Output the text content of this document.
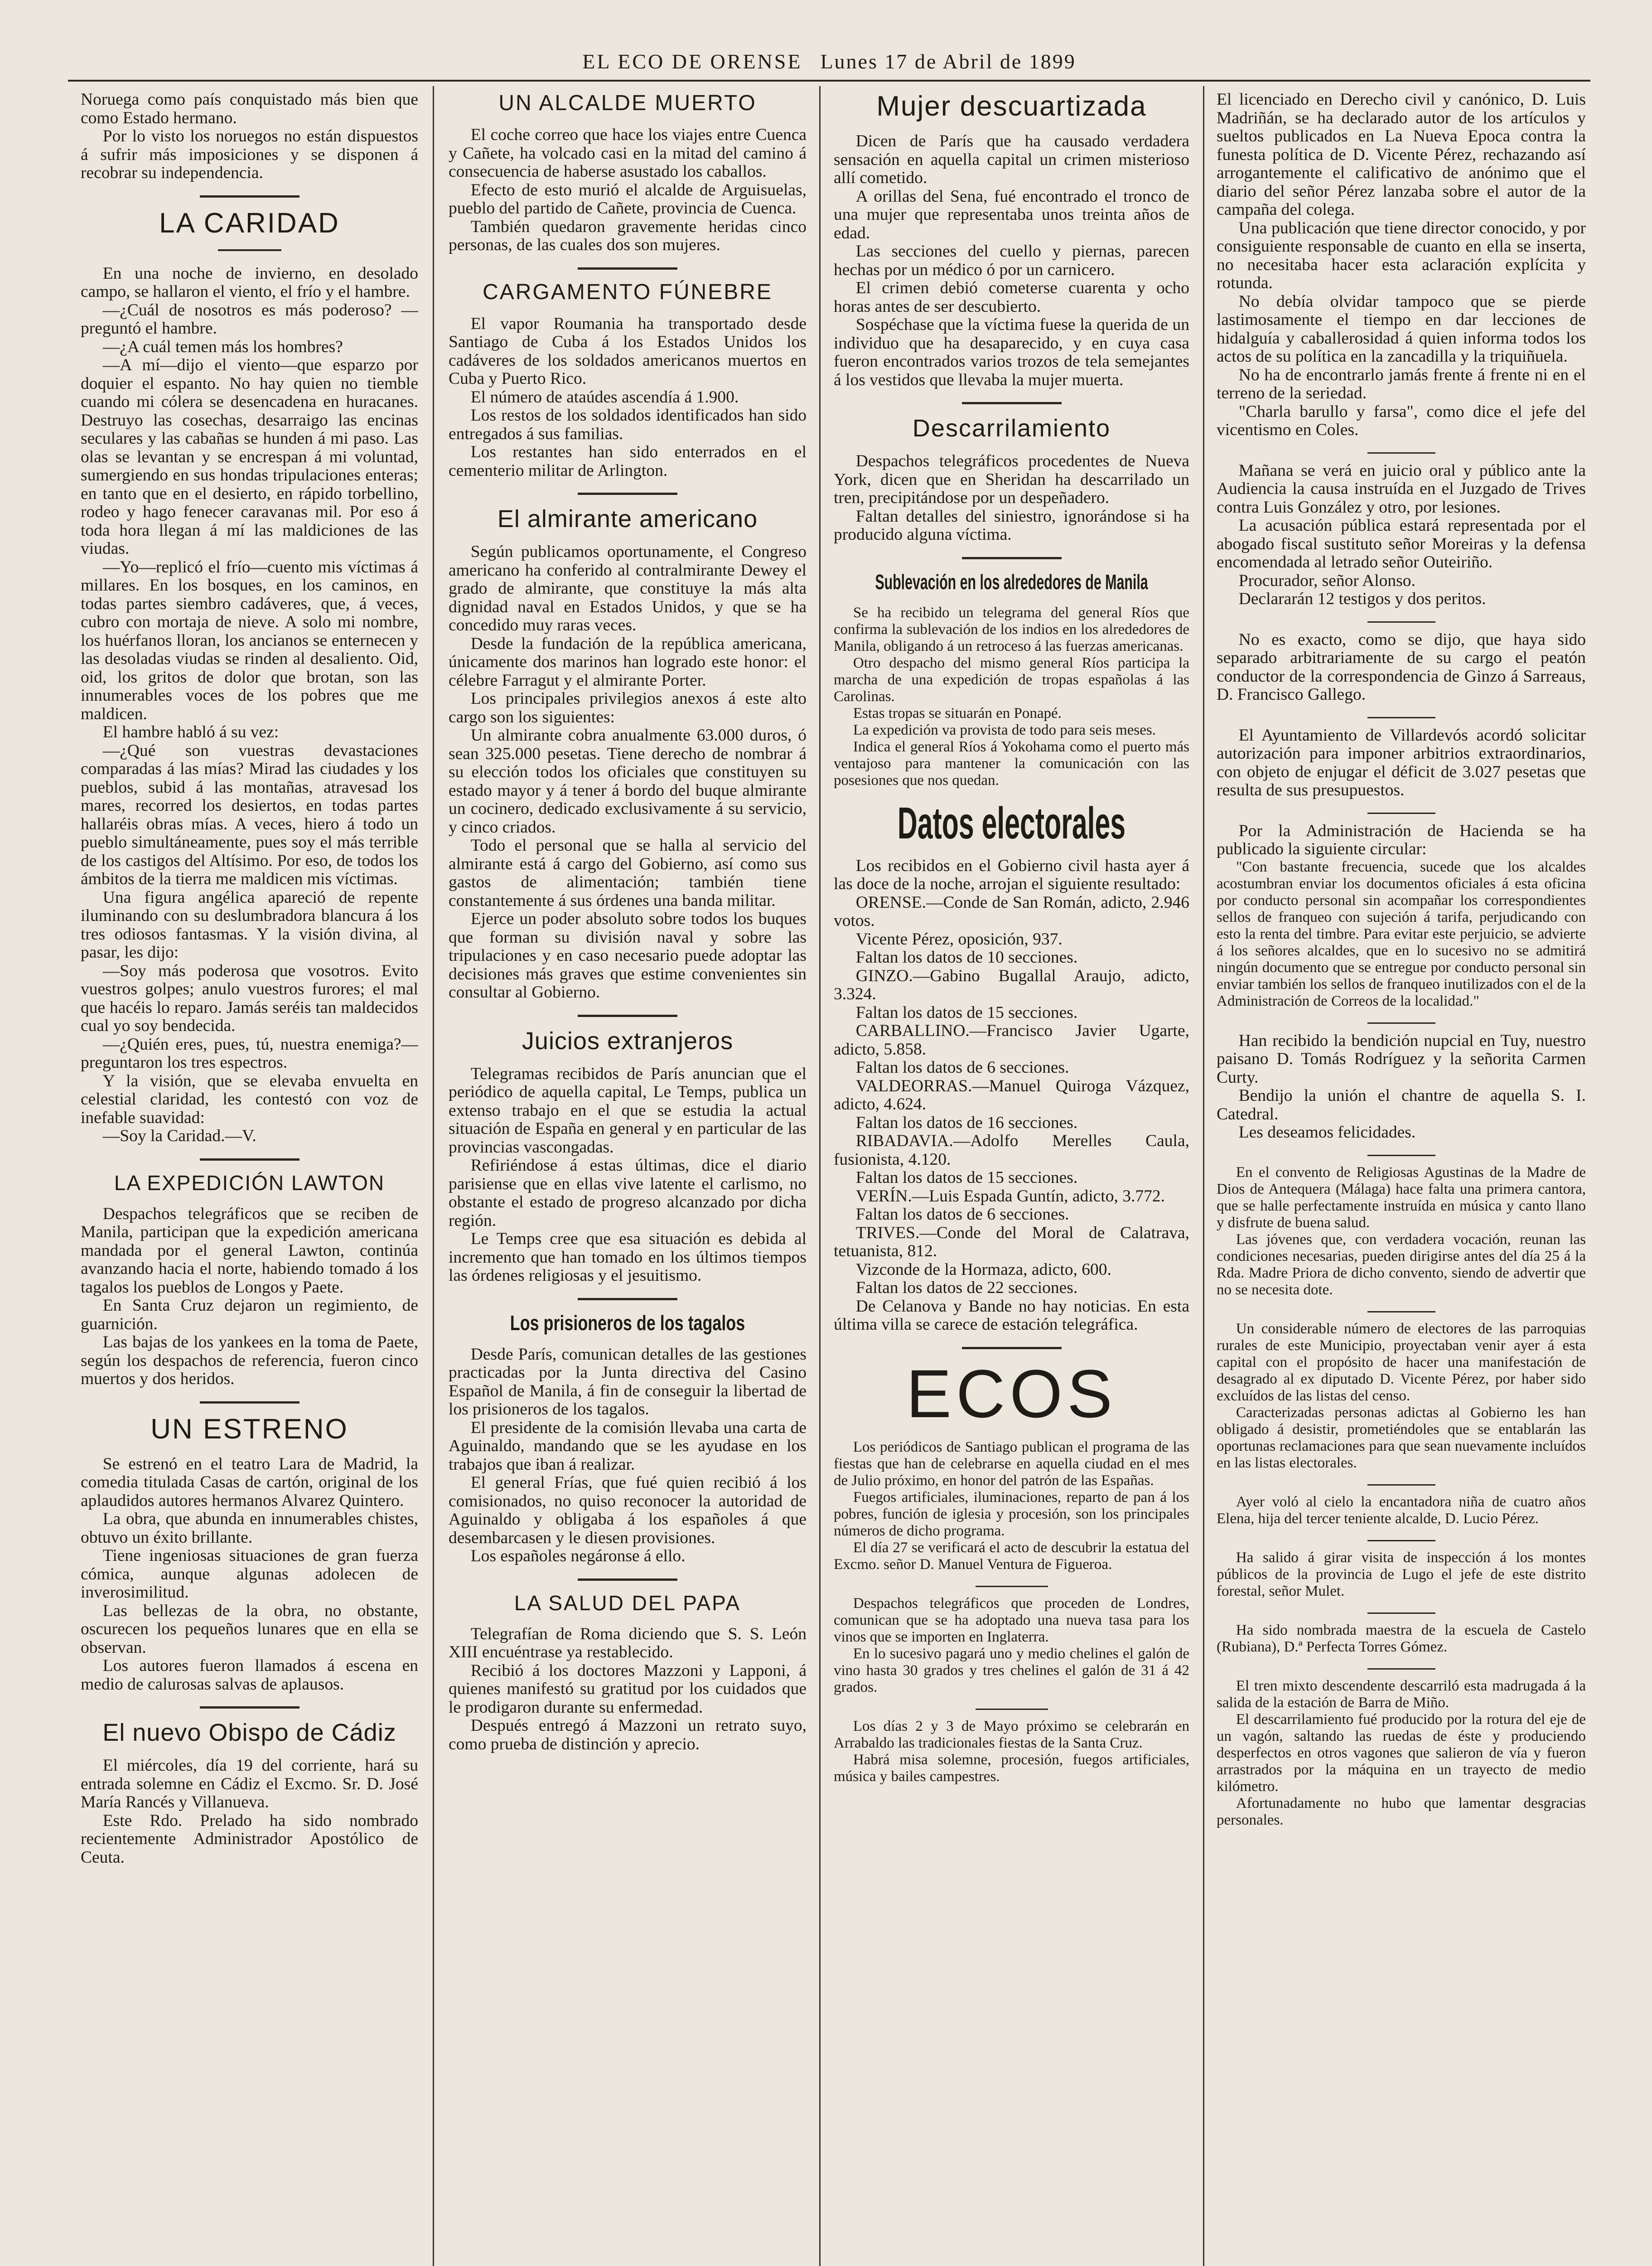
EL ECO DE ORENSE Lunes 17 de Abril de 1899

Noruega como país conquistado más bien que como Estado hermano.

Por lo visto los noruegos no están dispuestos á sufrir más imposiciones y se disponen á recobrar su independencia.

LA CARIDAD

En una noche de invierno, en desolado campo, se hallaron el viento, el frío y el hambre.

—¿Cuál de nosotros es más poderoso? —preguntó el hambre.

—¿A cuál temen más los hombres?

—A mí—dijo el viento—que esparzo por doquier el espanto. No hay quien no tiemble cuando mi cólera se desencadena en huracanes. Destruyo las cosechas, desarraigo las encinas seculares y las cabañas se hunden á mi paso. Las olas se levantan y se encrespan á mi voluntad, sumergiendo en sus hondas tripulaciones enteras; en tanto que en el desierto, en rápido torbellino, rodeo y hago fenecer caravanas mil. Por eso á toda hora llegan á mí las maldiciones de las viudas.

—Yo—replicó el frío—cuento mis víctimas á millares. En los bosques, en los caminos, en todas partes siembro cadáveres, que, á veces, cubro con mortaja de nieve. A solo mi nombre, los huérfanos lloran, los ancianos se enternecen y las desoladas viudas se rinden al desaliento. Oid, oid, los gritos de dolor que brotan, son las innumerables voces de los pobres que me maldicen.

El hambre habló á su vez:

—¿Qué son vuestras devastaciones comparadas á las mías? Mirad las ciudades y los pueblos, subid á las montañas, atravesad los mares, recorred los desiertos, en todas partes hallaréis obras mías. A veces, hiero á todo un pueblo simultáneamente, pues soy el más terrible de los castigos del Altísimo. Por eso, de todos los ámbitos de la tierra me maldicen mis víctimas.

Una figura angélica apareció de repente iluminando con su deslumbradora blancura á los tres odiosos fantasmas. Y la visión divina, al pasar, les dijo:

—Soy más poderosa que vosotros. Evito vuestros golpes; anulo vuestros furores; el mal que hacéis lo reparo. Jamás seréis tan maldecidos cual yo soy bendecida.

—¿Quién eres, pues, tú, nuestra enemiga?—preguntaron los tres espectros.

Y la visión, que se elevaba envuelta en celestial claridad, les contestó con voz de inefable suavidad:

—Soy la Caridad.—V.

LA EXPEDICIÓN LAWTON

Despachos telegráficos que se reciben de Manila, participan que la expedición americana mandada por el general Lawton, continúa avanzando hacia el norte, habiendo tomado á los tagalos los pueblos de Longos y Paete.

En Santa Cruz dejaron un regimiento, de guarnición.

Las bajas de los yankees en la toma de Paete, según los despachos de referencia, fueron cinco muertos y dos heridos.

UN ESTRENO

Se estrenó en el teatro Lara de Madrid, la comedia titulada Casas de cartón, original de los aplaudidos autores hermanos Alvarez Quintero.

La obra, que abunda en innumerables chistes, obtuvo un éxito brillante.

Tiene ingeniosas situaciones de gran fuerza cómica, aunque algunas adolecen de inverosimilitud.

Las bellezas de la obra, no obstante, oscurecen los pequeños lunares que en ella se observan.

Los autores fueron llamados á escena en medio de calurosas salvas de aplausos.

El nuevo Obispo de Cádiz

El miércoles, día 19 del corriente, hará su entrada solemne en Cádiz el Excmo. Sr. D. José María Rancés y Villanueva.

Este Rdo. Prelado ha sido nombrado recientemente Administrador Apostólico de Ceuta.

UN ALCALDE MUERTO

El coche correo que hace los viajes entre Cuenca y Cañete, ha volcado casi en la mitad del camino á consecuencia de haberse asustado los caballos.

Efecto de esto murió el alcalde de Arguisuelas, pueblo del partido de Cañete, provincia de Cuenca.

También quedaron gravemente heridas cinco personas, de las cuales dos son mujeres.

CARGAMENTO FÚNEBRE

El vapor Roumania ha transportado desde Santiago de Cuba á los Estados Unidos los cadáveres de los soldados americanos muertos en Cuba y Puerto Rico.

El número de ataúdes ascendía á 1.900.

Los restos de los soldados identificados han sido entregados á sus familias.

Los restantes han sido enterrados en el cementerio militar de Arlington.

El almirante americano

Según publicamos oportunamente, el Congreso americano ha conferido al contralmirante Dewey el grado de almirante, que constituye la más alta dignidad naval en Estados Unidos, y que se ha concedido muy raras veces.

Desde la fundación de la república americana, únicamente dos marinos han logrado este honor: el célebre Farragut y el almirante Porter.

Los principales privilegios anexos á este alto cargo son los siguientes:

Un almirante cobra anualmente 63.000 duros, ó sean 325.000 pesetas. Tiene derecho de nombrar á su elección todos los oficiales que constituyen su estado mayor y á tener á bordo del buque almirante un cocinero, dedicado exclusivamente á su servicio, y cinco criados.

Todo el personal que se halla al servicio del almirante está á cargo del Gobierno, así como sus gastos de alimentación; también tiene constantemente á sus órdenes una banda militar.

Ejerce un poder absoluto sobre todos los buques que forman su división naval y sobre las tripulaciones y en caso necesario puede adoptar las decisiones más graves que estime convenientes sin consultar al Gobierno.

Juicios extranjeros

Telegramas recibidos de París anuncian que el periódico de aquella capital, Le Temps, publica un extenso trabajo en el que se estudia la actual situación de España en general y en particular de las provincias vascongadas.

Refiriéndose á estas últimas, dice el diario parisiense que en ellas vive latente el carlismo, no obstante el estado de progreso alcanzado por dicha región.

Le Temps cree que esa situación es debida al incremento que han tomado en los últimos tiempos las órdenes religiosas y el jesuitismo.

Los prisioneros de los tagalos

Desde París, comunican detalles de las gestiones practicadas por la Junta directiva del Casino Español de Manila, á fin de conseguir la libertad de los prisioneros de los tagalos.

El presidente de la comisión llevaba una carta de Aguinaldo, mandando que se les ayudase en los trabajos que iban á realizar.

El general Frías, que fué quien recibió á los comisionados, no quiso reconocer la autoridad de Aguinaldo y obligaba á los españoles á que desembarcasen y le diesen provisiones.

Los españoles negáronse á ello.

LA SALUD DEL PAPA

Telegrafían de Roma diciendo que S. S. León XIII encuéntrase ya restablecido.

Recibió á los doctores Mazzoni y Lapponi, á quienes manifestó su gratitud por los cuidados que le prodigaron durante su enfermedad.

Después entregó á Mazzoni un retrato suyo, como prueba de distinción y aprecio.

Mujer descuartizada

Dicen de París que ha causado verdadera sensación en aquella capital un crimen misterioso allí cometido.

A orillas del Sena, fué encontrado el tronco de una mujer que representaba unos treinta años de edad.

Las secciones del cuello y piernas, parecen hechas por un médico ó por un carnicero.

El crimen debió cometerse cuarenta y ocho horas antes de ser descubierto.

Sospéchase que la víctima fuese la querida de un individuo que ha desaparecido, y en cuya casa fueron encontrados varios trozos de tela semejantes á los vestidos que llevaba la mujer muerta.

Descarrilamiento

Despachos telegráficos procedentes de Nueva York, dicen que en Sheridan ha descarrilado un tren, precipitándose por un despeñadero.

Faltan detalles del siniestro, ignorándose si ha producido alguna víctima.

Sublevación en los alrededores de Manila

Se ha recibido un telegrama del general Ríos que confirma la sublevación de los indios en los alrededores de Manila, obligando á un retroceso á las fuerzas americanas.

Otro despacho del mismo general Ríos participa la marcha de una expedición de tropas españolas á las Carolinas.

Estas tropas se situarán en Ponapé.

La expedición va provista de todo para seis meses.

Indica el general Ríos á Yokohama como el puerto más ventajoso para mantener la comunicación con las posesiones que nos quedan.

Datos electorales

Los recibidos en el Gobierno civil hasta ayer á las doce de la noche, arrojan el siguiente resultado:

ORENSE.—Conde de San Román, adicto, 2.946 votos.

Vicente Pérez, oposición, 937.

Faltan los datos de 10 secciones.

GINZO.—Gabino Bugallal Araujo, adicto, 3.324.

Faltan los datos de 15 secciones.

CARBALLINO.—Francisco Javier Ugarte, adicto, 5.858.

Faltan los datos de 6 secciones.

VALDEORRAS.—Manuel Quiroga Vázquez, adicto, 4.624.

Faltan los datos de 16 secciones.

RIBADAVIA.—Adolfo Merelles Caula, fusionista, 4.120.

Faltan los datos de 15 secciones.

VERÍN.—Luis Espada Guntín, adicto, 3.772.

Faltan los datos de 6 secciones.

TRIVES.—Conde del Moral de Calatrava, tetuanista, 812.

Vizconde de la Hormaza, adicto, 600.

Faltan los datos de 22 secciones.

De Celanova y Bande no hay noticias. En esta última villa se carece de estación telegráfica.

ECOS

Los periódicos de Santiago publican el programa de las fiestas que han de celebrarse en aquella ciudad en el mes de Julio próximo, en honor del patrón de las Españas.

Fuegos artificiales, iluminaciones, reparto de pan á los pobres, función de iglesia y procesión, son los principales números de dicho programa.

El día 27 se verificará el acto de descubrir la estatua del Excmo. señor D. Manuel Ventura de Figueroa.

Despachos telegráficos que proceden de Londres, comunican que se ha adoptado una nueva tasa para los vinos que se importen en Inglaterra.

En lo sucesivo pagará uno y medio chelines el galón de vino hasta 30 grados y tres chelines el galón de 31 á 42 grados.

Los días 2 y 3 de Mayo próximo se celebrarán en Arrabaldo las tradicionales fiestas de la Santa Cruz.

Habrá misa solemne, procesión, fuegos artificiales, música y bailes campestres.

El licenciado en Derecho civil y canónico, D. Luis Madriñán, se ha declarado autor de los artículos y sueltos publicados en La Nueva Epoca contra la funesta política de D. Vicente Pérez, rechazando así arrogantemente el calificativo de anónimo que el diario del señor Pérez lanzaba sobre el autor de la campaña del colega.

Una publicación que tiene director conocido, y por consiguiente responsable de cuanto en ella se inserta, no necesitaba hacer esta aclaración explícita y rotunda.

No debía olvidar tampoco que se pierde lastimosamente el tiempo en dar lecciones de hidalguía y caballerosidad á quien informa todos los actos de su política en la zancadilla y la triquiñuela.

No ha de encontrarlo jamás frente á frente ni en el terreno de la seriedad.

"Charla barullo y farsa", como dice el jefe del vicentismo en Coles.

Mañana se verá en juicio oral y público ante la Audiencia la causa instruída en el Juzgado de Trives contra Luis González y otro, por lesiones.

La acusación pública estará representada por el abogado fiscal sustituto señor Moreiras y la defensa encomendada al letrado señor Outeiriño.

Procurador, señor Alonso.

Declararán 12 testigos y dos peritos.

No es exacto, como se dijo, que haya sido separado arbitrariamente de su cargo el peatón conductor de la correspondencia de Ginzo á Sarreaus, D. Francisco Gallego.

El Ayuntamiento de Villardevós acordó solicitar autorización para imponer arbitrios extraordinarios, con objeto de enjugar el déficit de 3.027 pesetas que resulta de sus presupuestos.

Por la Administración de Hacienda se ha publicado la siguiente circular:

"Con bastante frecuencia, sucede que los alcaldes acostumbran enviar los documentos oficiales á esta oficina por conducto personal sin acompañar los correspondientes sellos de franqueo con sujeción á tarifa, perjudicando con esto la renta del timbre. Para evitar este perjuicio, se advierte á los señores alcaldes, que en lo sucesivo no se admitirá ningún documento que se entregue por conducto personal sin enviar también los sellos de franqueo inutilizados con el de la Administración de Correos de la localidad."

Han recibido la bendición nupcial en Tuy, nuestro paisano D. Tomás Rodríguez y la señorita Carmen Curty.

Bendijo la unión el chantre de aquella S. I. Catedral.

Les deseamos felicidades.

En el convento de Religiosas Agustinas de la Madre de Dios de Antequera (Málaga) hace falta una primera cantora, que se halle perfectamente instruída en música y canto llano y disfrute de buena salud.

Las jóvenes que, con verdadera vocación, reunan las condiciones necesarias, pueden dirigirse antes del día 25 á la Rda. Madre Priora de dicho convento, siendo de advertir que no se necesita dote.

Un considerable número de electores de las parroquias rurales de este Municipio, proyectaban venir ayer á esta capital con el propósito de hacer una manifestación de desagrado al ex diputado D. Vicente Pérez, por haber sido excluídos de las listas del censo.

Caracterizadas personas adictas al Gobierno les han obligado á desistir, prometiéndoles que se entablarán las oportunas reclamaciones para que sean nuevamente incluídos en las listas electorales.

Ayer voló al cielo la encantadora niña de cuatro años Elena, hija del tercer teniente alcalde, D. Lucio Pérez.

Ha salido á girar visita de inspección á los montes públicos de la provincia de Lugo el jefe de este distrito forestal, señor Mulet.

Ha sido nombrada maestra de la escuela de Castelo (Rubiana), D.ª Perfecta Torres Gómez.

El tren mixto descendente descarriló esta madrugada á la salida de la estación de Barra de Miño.

El descarrilamiento fué producido por la rotura del eje de un vagón, saltando las ruedas de éste y produciendo desperfectos en otros vagones que salieron de vía y fueron arrastrados por la máquina en un trayecto de medio kilómetro.

Afortunadamente no hubo que lamentar desgracias personales.
